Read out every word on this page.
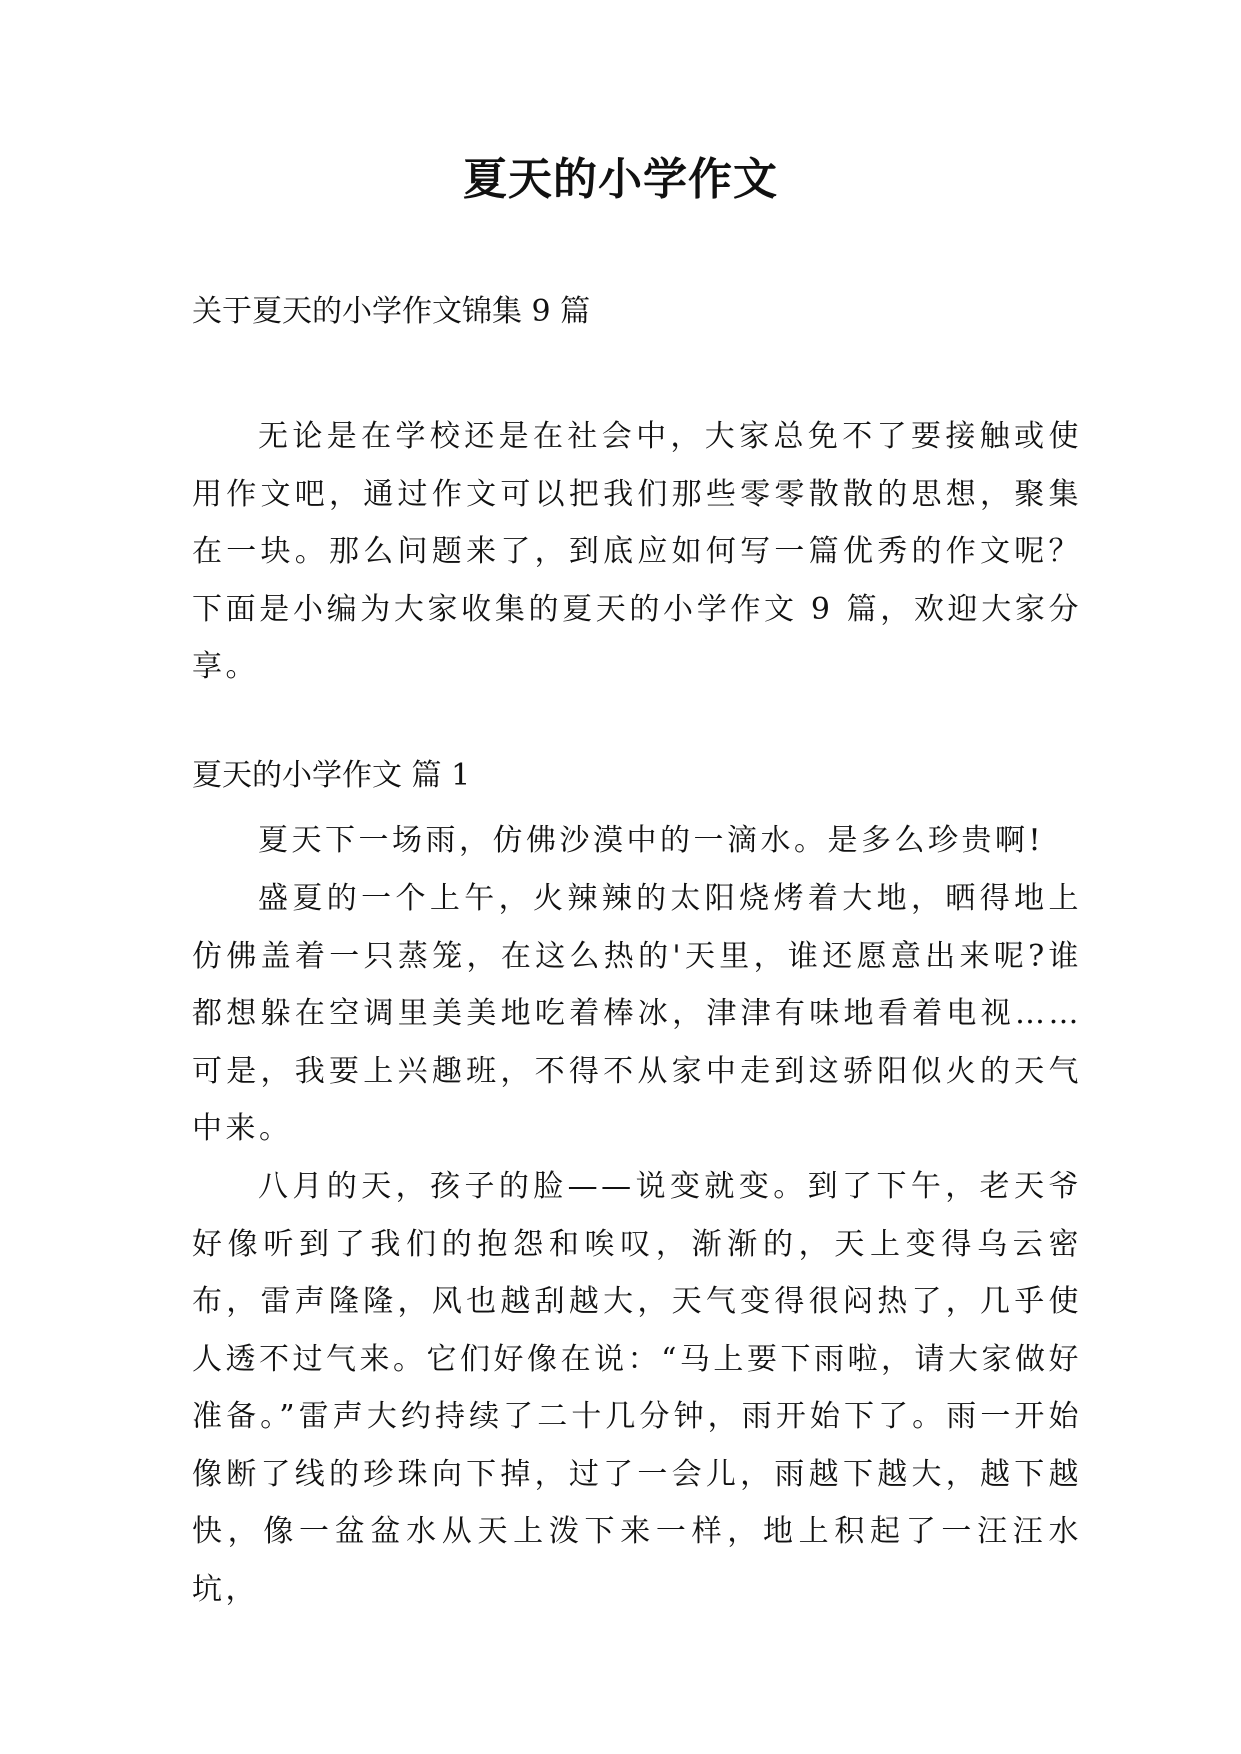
夏天的小学作文

关于夏天的小学作文锦集 9 篇

无论是在学校还是在社会中，大家总免不了要接触或使用作文吧，通过作文可以把我们那些零零散散的思想，聚集在一块。那么问题来了，到底应如何写一篇优秀的作文呢？下面是小编为大家收集的夏天的小学作文 9 篇，欢迎大家分享。

夏天的小学作文 篇 1

夏天下一场雨，仿佛沙漠中的一滴水。是多么珍贵啊!

盛夏的一个上午，火辣辣的太阳烧烤着大地，晒得地上仿佛盖着一只蒸笼，在这么热的'天里，谁还愿意出来呢?谁都想躲在空调里美美地吃着棒冰，津津有味地看着电视……可是，我要上兴趣班，不得不从家中走到这骄阳似火的天气中来。

八月的天，孩子的脸——说变就变。到了下午，老天爷好像听到了我们的抱怨和唉叹，渐渐的，天上变得乌云密布，雷声隆隆，风也越刮越大，天气变得很闷热了，几乎使人透不过气来。它们好像在说：“马上要下雨啦，请大家做好准备。”雷声大约持续了二十几分钟，雨开始下了。雨一开始像断了线的珍珠向下掉，过了一会儿，雨越下越大，越下越快，像一盆盆水从天上泼下来一样，地上积起了一汪汪水坑，
